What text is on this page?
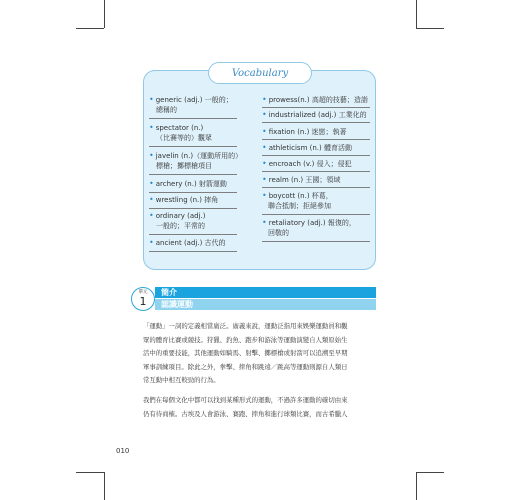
Vocabulary
• generic (adj.) 一般的；
總稱的
• spectator (n.)
（比賽等的）觀眾
• javelin (n.)（運動所用的）
標槍；擲標槍項目
• archery (n.) 射箭運動
• wrestling (n.) 摔角
• ordinary (adj.)
一般的；平常的
• ancient (adj.) 古代的
• prowess(n.) 高超的技藝；造詣
• industrialized (adj.) 工業化的
• fixation (n.) 迷戀；執著
• athleticism (n.) 體育活動
• encroach (v.) 侵入；侵犯
• realm (n.) 王國；領域
• boycott (n.) 杯葛，
聯合抵制；拒絕參加
• retaliatory (adj.) 報復的，
回敬的
簡介
認識運動
單元
1
「運動」一詞的定義相當廣泛。廣義來說，運動泛指用來娛樂運動員和觀
眾的體育比賽或競技。狩獵、釣魚、跑步和游泳等運動演變自人類原始生
活中的重要技能，其他運動如騎馬、射擊、擲標槍或射箭可以追溯至早期
軍事訓練項目。除此之外，拳擊、摔角和跳遠／跳高等運動則源自人類日
常互動中相互較勁的行為。
我們在每個文化中都可以找到某種形式的運動，不過許多運動的確切由來
仍有待商榷。古埃及人會游泳、賽跑、摔角和進行球類比賽，而古希臘人
010
